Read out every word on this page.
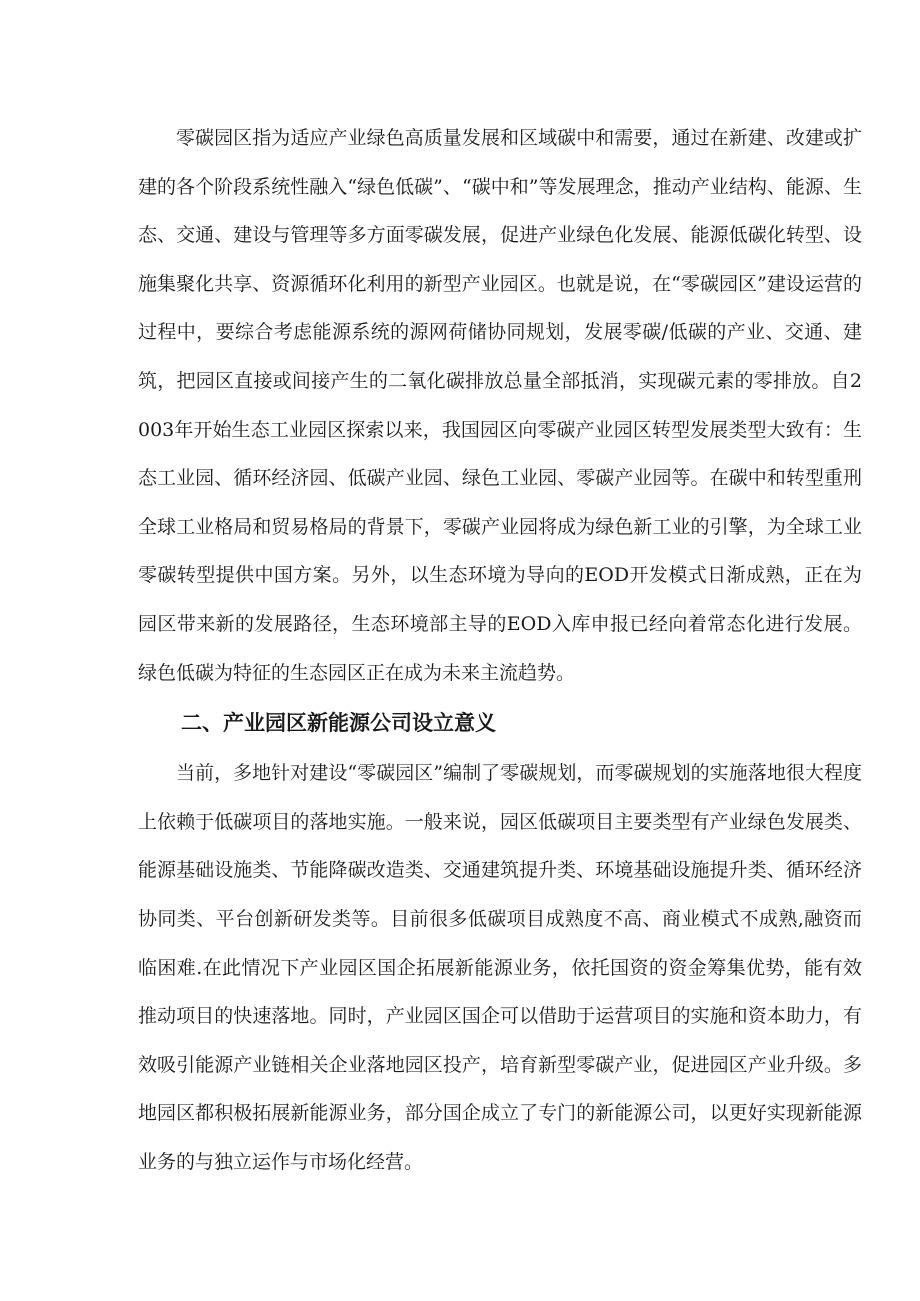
零碳园区指为适应产业绿色高质量发展和区域碳中和需要，通过在新建、改建或扩建的各个阶段系统性融入“绿色低碳”、“碳中和”等发展理念，推动产业结构、能源、生态、交通、建设与管理等多方面零碳发展，促进产业绿色化发展、能源低碳化转型、设施集聚化共享、资源循环化利用的新型产业园区。也就是说，在“零碳园区”建设运营的过程中，要综合考虑能源系统的源网荷储协同规划，发展零碳/低碳的产业、交通、建筑，把园区直接或间接产生的二氧化碳排放总量全部抵消，实现碳元素的零排放。自2003年开始生态工业园区探索以来，我国园区向零碳产业园区转型发展类型大致有：生态工业园、循环经济园、低碳产业园、绿色工业园、零碳产业园等。在碳中和转型重刑全球工业格局和贸易格局的背景下，零碳产业园将成为绿色新工业的引擎，为全球工业零碳转型提供中国方案。另外，以生态环境为导向的EOD开发模式日渐成熟，正在为园区带来新的发展路径，生态环境部主导的EOD入库申报已经向着常态化进行发展。绿色低碳为特征的生态园区正在成为未来主流趋势。

二、产业园区新能源公司设立意义

当前，多地针对建设“零碳园区”编制了零碳规划，而零碳规划的实施落地很大程度上依赖于低碳项目的落地实施。一般来说，园区低碳项目主要类型有产业绿色发展类、能源基础设施类、节能降碳改造类、交通建筑提升类、环境基础设施提升类、循环经济协同类、平台创新研发类等。目前很多低碳项目成熟度不高、商业模式不成熟,融资而临困难.在此情况下产业园区国企拓展新能源业务，依托国资的资金筹集优势，能有效推动项目的快速落地。同时，产业园区国企可以借助于运营项目的实施和资本助力，有效吸引能源产业链相关企业落地园区投产，培育新型零碳产业，促进园区产业升级。多地园区都积极拓展新能源业务，部分国企成立了专门的新能源公司，以更好实现新能源业务的与独立运作与市场化经营。
